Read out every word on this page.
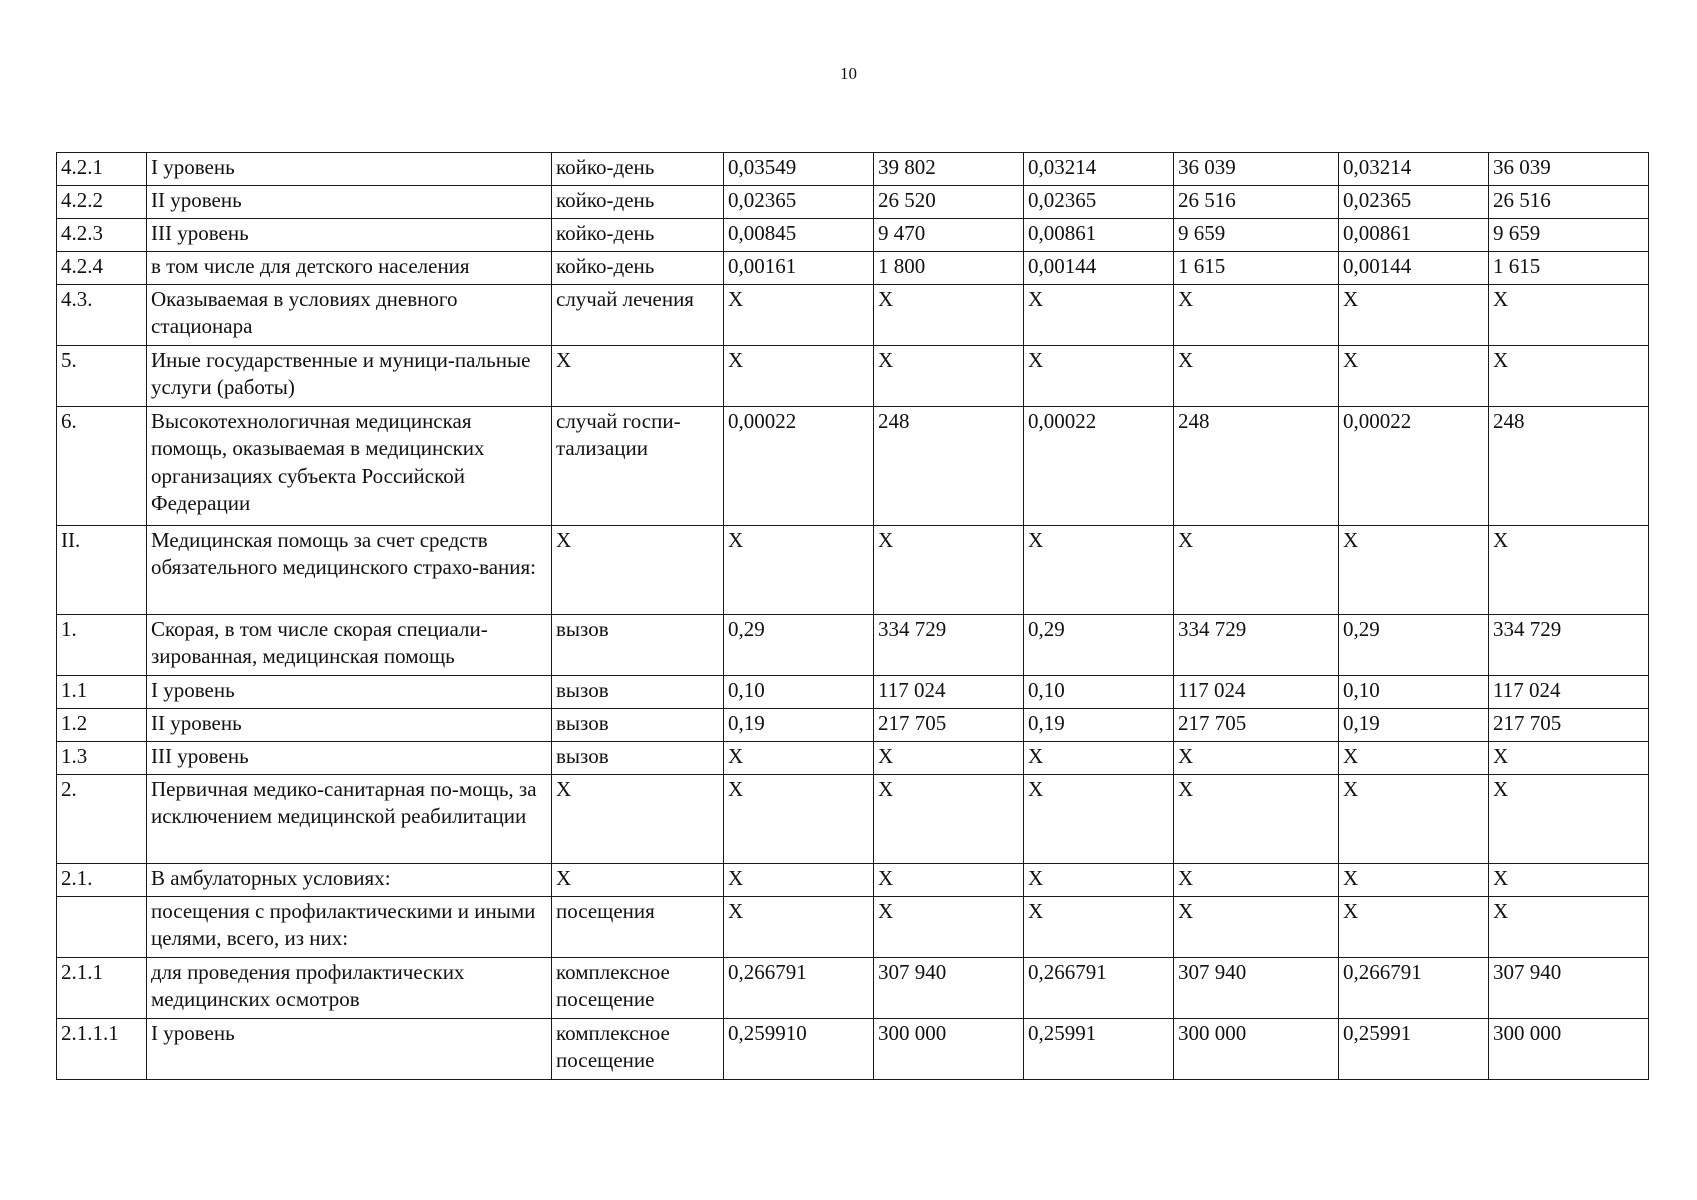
10
4.2.1	I уровень	койко-день	0,03549	39 802	0,03214	36 039	0,03214	36 039
4.2.2	II уровень	койко-день	0,02365	26 520	0,02365	26 516	0,02365	26 516
4.2.3	III уровень	койко-день	0,00845	9 470	0,00861	9 659	0,00861	9 659
4.2.4	в том числе для детского населения	койко-день	0,00161	1 800	0,00144	1 615	0,00144	1 615
4.3.	Оказываемая в условиях дневного стационара	случай лечения	X	X	X	X	X	X
5.	Иные государственные и муници-пальные услуги (работы)	X	X	X	X	X	X	X
6.	Высокотехнологичная медицинская помощь, оказываемая в медицинских организациях субъекта Российской Федерации	случай госпи-тализации	0,00022	248	0,00022	248	0,00022	248
II.	Медицинская помощь за счет средств обязательного медицинского страхо-вания:	X	X	X	X	X	X	X
1.	Скорая, в том числе скорая специали-зированная, медицинская помощь	вызов	0,29	334 729	0,29	334 729	0,29	334 729
1.1	I уровень	вызов	0,10	117 024	0,10	117 024	0,10	117 024
1.2	II уровень	вызов	0,19	217 705	0,19	217 705	0,19	217 705
1.3	III уровень	вызов	X	X	X	X	X	X
2.	Первичная медико-санитарная по-мощь, за исключением медицинской реабилитации	X	X	X	X	X	X	X
2.1.	В амбулаторных условиях:	X	X	X	X	X	X	X
	посещения с профилактическими и иными целями, всего, из них:	посещения	X	X	X	X	X	X
2.1.1	для проведения профилактических медицинских осмотров	комплексное посещение	0,266791	307 940	0,266791	307 940	0,266791	307 940
2.1.1.1	I уровень	комплексное посещение	0,259910	300 000	0,25991	300 000	0,25991	300 000
